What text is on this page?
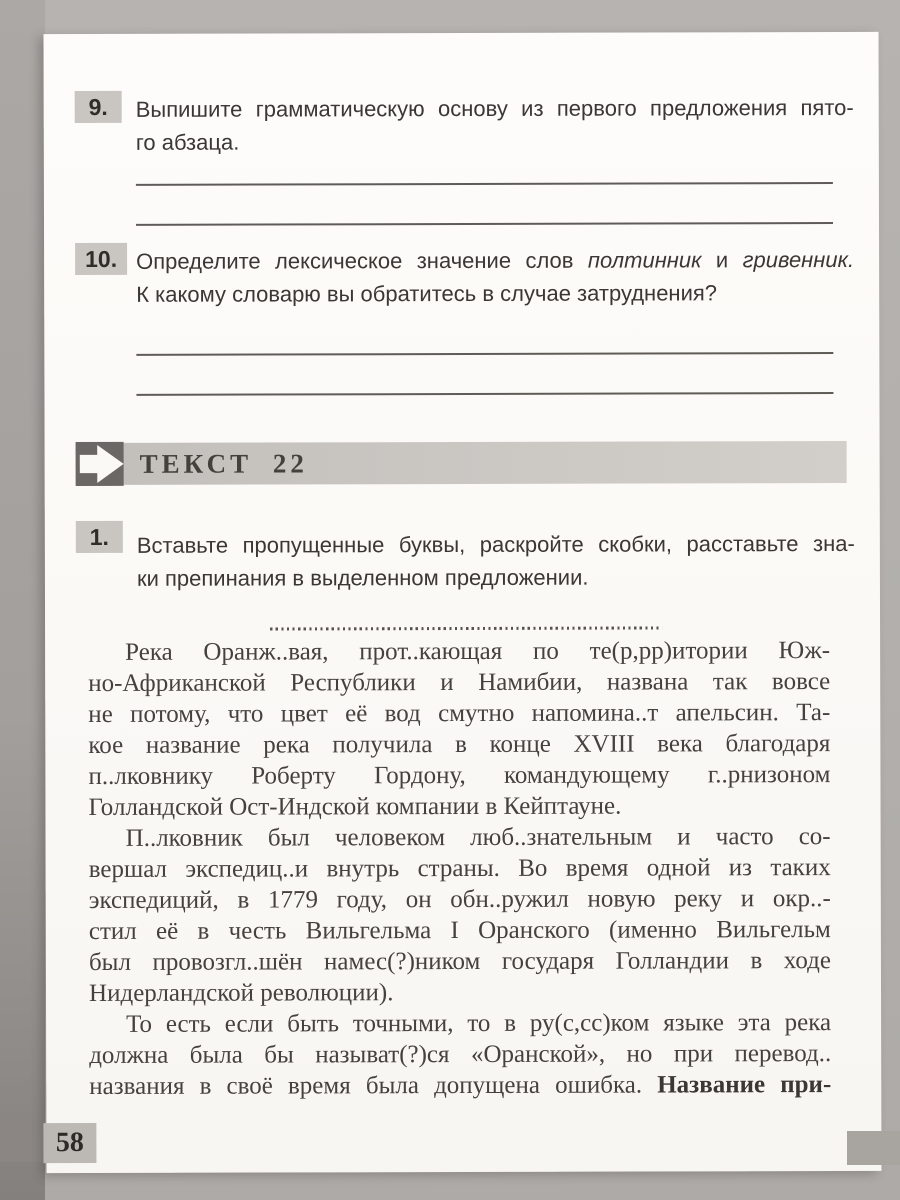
9.	Выпишите грамматическую основу из первого предложения пято-
го абзаца.
10. Определите лексическое значение слов полтинник и гривенник.
К какому словарю вы обратитесь в случае затруднения?
ТЕКСТ 22
1.	Вставьте пропущенные буквы, раскройте скобки, расставьте зна-
ки препинания в выделенном предложении.
Река Оранж..вая, прот..кающая по те(р,рр)итории Юж-
но-Африканской Республики и Намибии, названа так вовсе
не потому, что цвет её вод смутно напомина..т апельсин. Та-
кое название река получила в конце XVIII века благодаря
п..лковнику Роберту Гордону, командующему г..рнизоном
Голландской Ост-Индской компании в Кейптауне.
П..лковник был человеком люб..знательным и часто со-
вершал экспедиц..и внутрь страны. Во время одной из таких
экспедиций, в 1779 году, он обн..ружил новую реку и окр..-
стил её в честь Вильгельма I Оранского (именно Вильгельм
был провозгл..шён намес(?)ником государя Голландии в ходе
Нидерландской революции).
То есть если быть точными, то в ру(с,сс)ком языке эта река
должна была бы называт(?)ся «Оранской», но при перевод..
названия в своё время была допущена ошибка. Название при-
58
